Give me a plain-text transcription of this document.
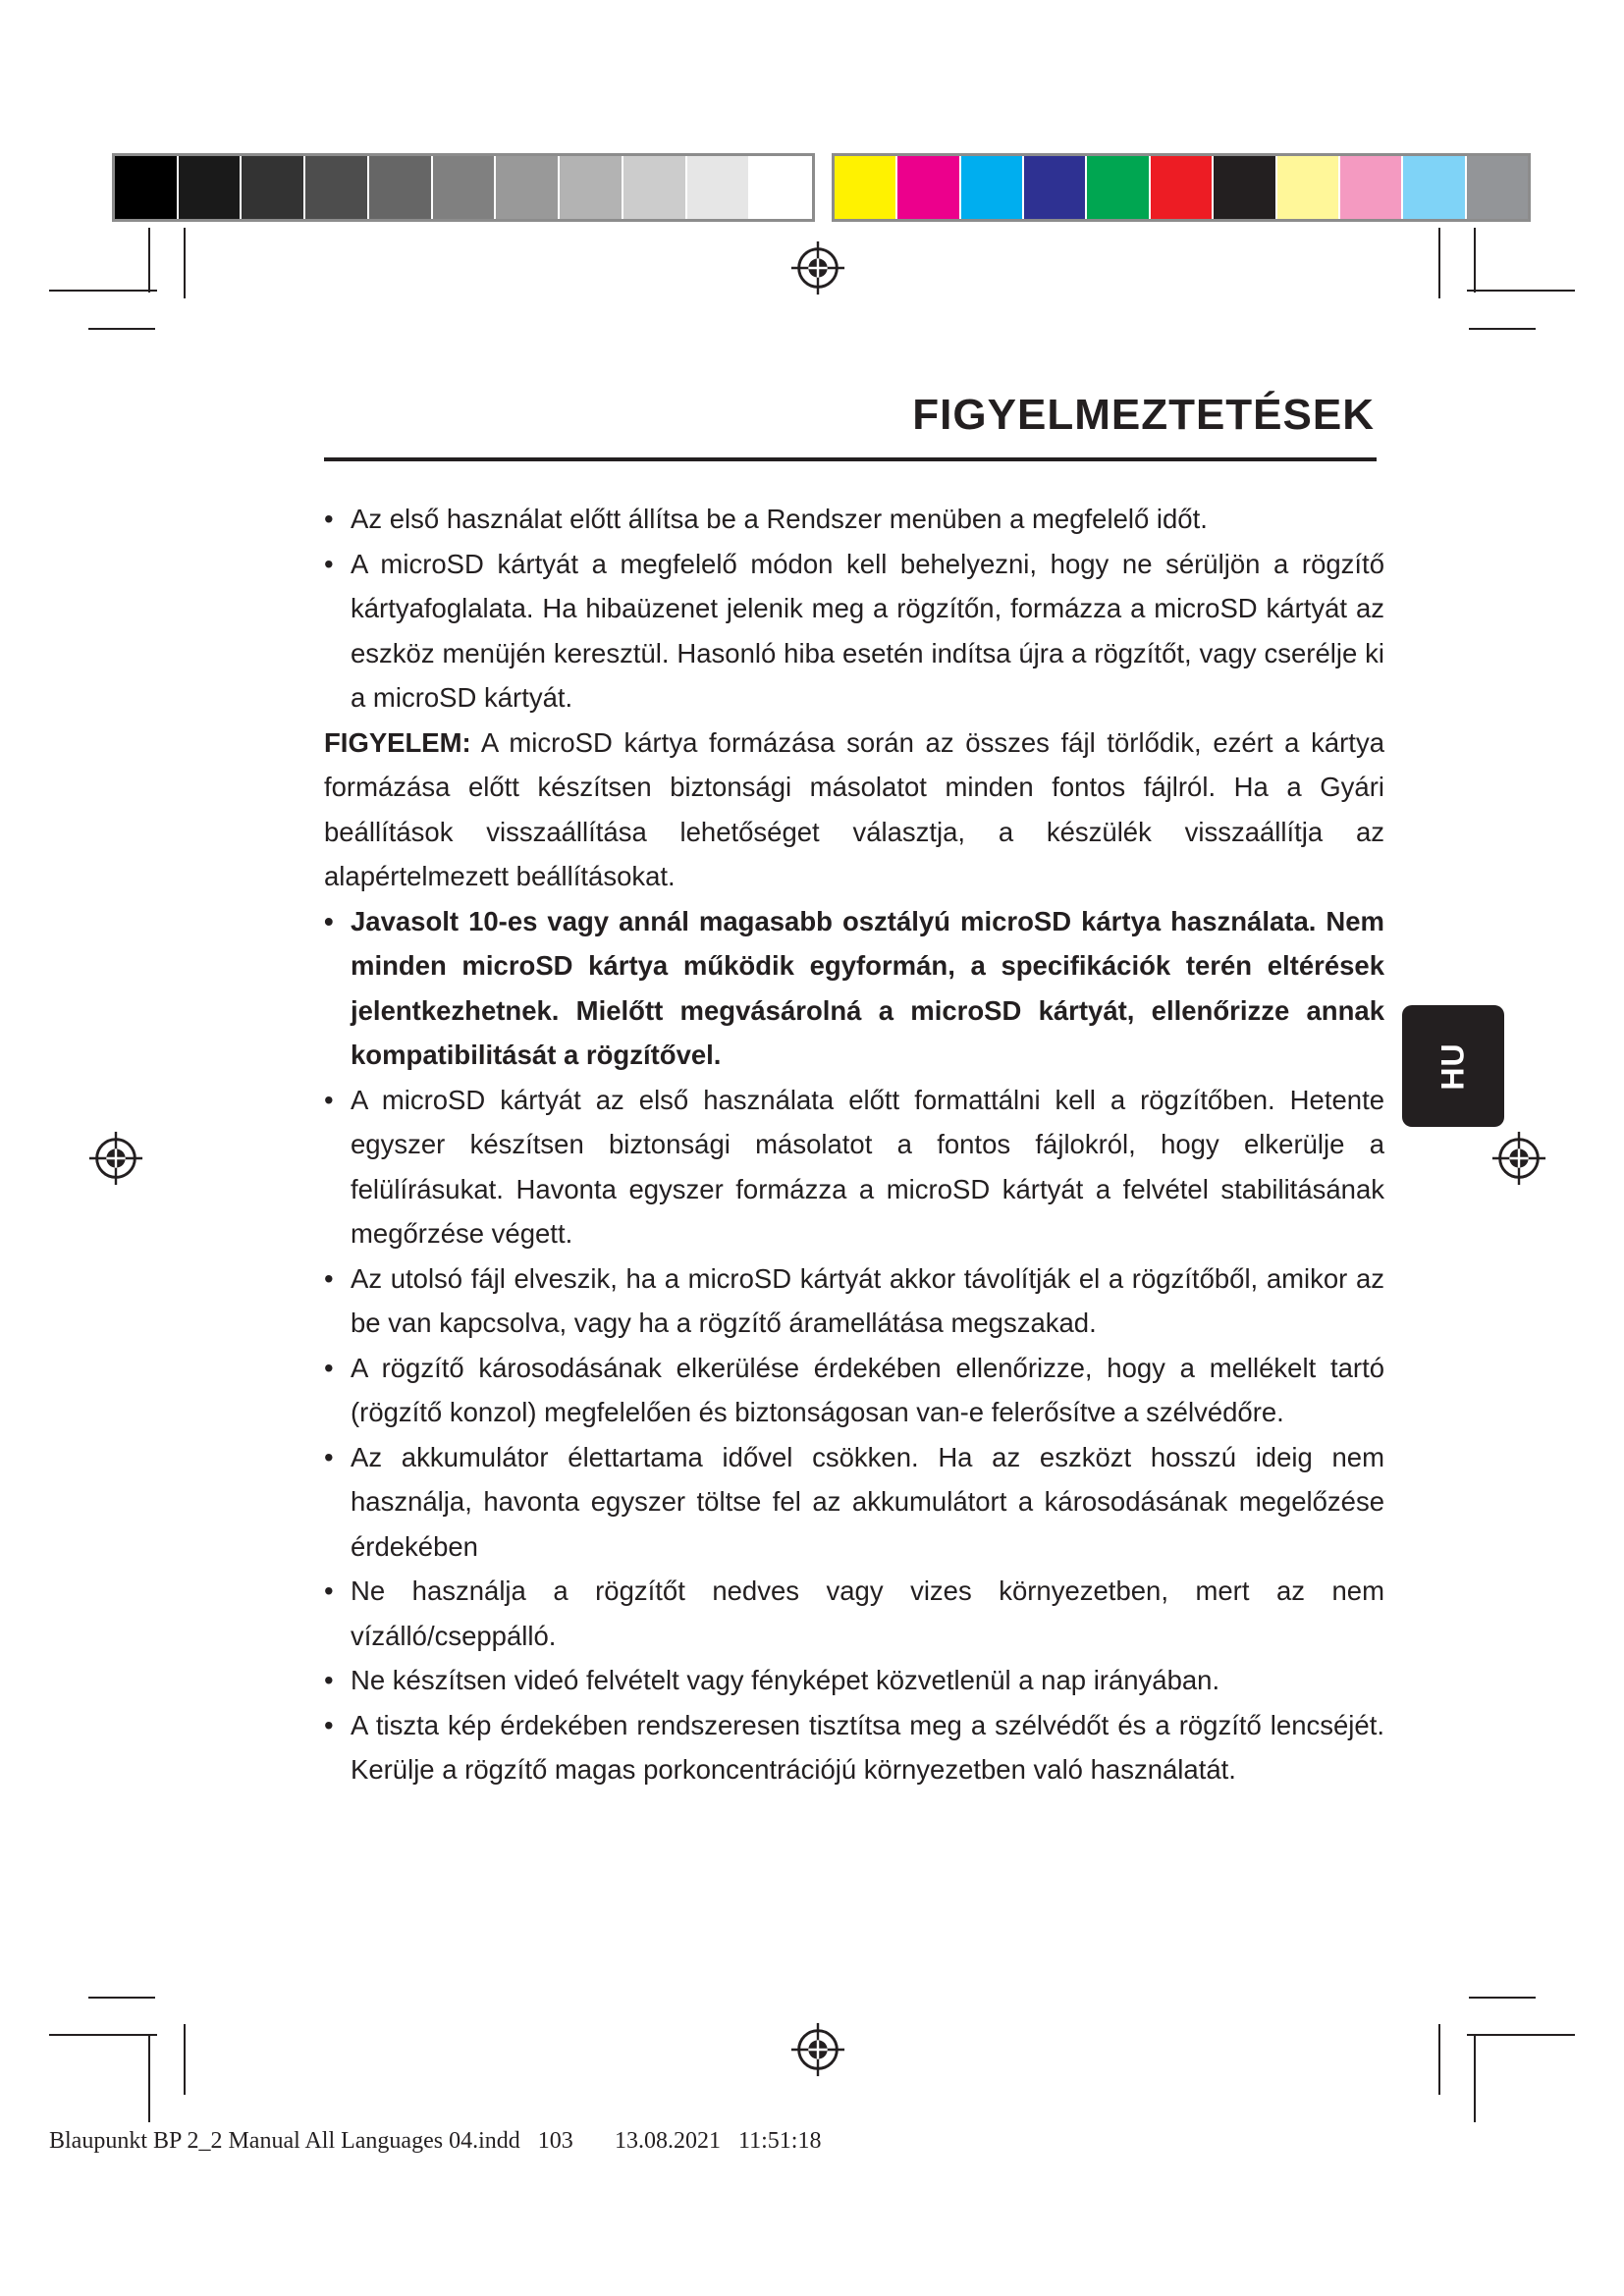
FIGYELMEZTETÉSEK
• Az első használat előtt állítsa be a Rendszer menüben a megfelelő időt.
• A microSD kártyát a megfelelő módon kell behelyezni, hogy ne sérüljön a rögzítő kártyafoglalata. Ha hibaüzenet jelenik meg a rögzítőn, formázza a microSD kártyát az eszköz menüjén keresztül. Hasonló hiba esetén indítsa újra a rögzítőt, vagy cserélje ki a microSD kártyát.

FIGYELEM: A microSD kártya formázása során az összes fájl törlődik, ezért a kártya formázása előtt készítsen biztonsági másolatot minden fontos fájlról. Ha a Gyári beállítások visszaállítása lehetőséget választja, a készülék visszaállítja az alapértelmezett beállításokat.

• Javasolt 10-es vagy annál magasabb osztályú microSD kártya használata. Nem minden microSD kártya működik egyformán, a specifikációk terén eltérések jelentkezhetnek. Mielőtt megvásárolná a microSD kártyát, ellenőrizze annak kompatibilitását a rögzítővel.
• A microSD kártyát az első használata előtt formattálni kell a rögzítőben. Hetente egyszer készítsen biztonsági másolatot a fontos fájlokról, hogy elkerülje a felülírásukat. Havonta egyszer formázza a microSD kártyát a felvétel stabilitásának megőrzése végett.
• Az utolsó fájl elveszik, ha a microSD kártyát akkor távolítják el a rögzítőből, amikor az be van kapcsolva, vagy ha a rögzítő áramellátása megszakad.
• A rögzítő károsodásának elkerülése érdekében ellenőrizze, hogy a mellékelt tartó (rögzítő konzol) megfelelően és biztonságosan van-e felerősítve a szélvédőre.
• Az akkumulátor élettartama idővel csökken. Ha az eszközt hosszú ideig nem használja, havonta egyszer töltse fel az akkumulátort a károsodásának megelőzése érdekében
• Ne használja a rögzítőt nedves vagy vizes környezetben, mert az nem vízálló/cseppálló.
• Ne készítsen videó felvételt vagy fényképet közvetlenül a nap irányában.
• A tiszta kép érdekében rendszeresen tisztítsa meg a szélvédőt és a rögzítő lencséjét. Kerülje a rögzítő magas porkoncentrációjú környezetben való használatát.
HU
Blaupunkt BP 2_2 Manual All Languages 04.indd   103	13.08.2021   11:51:18
